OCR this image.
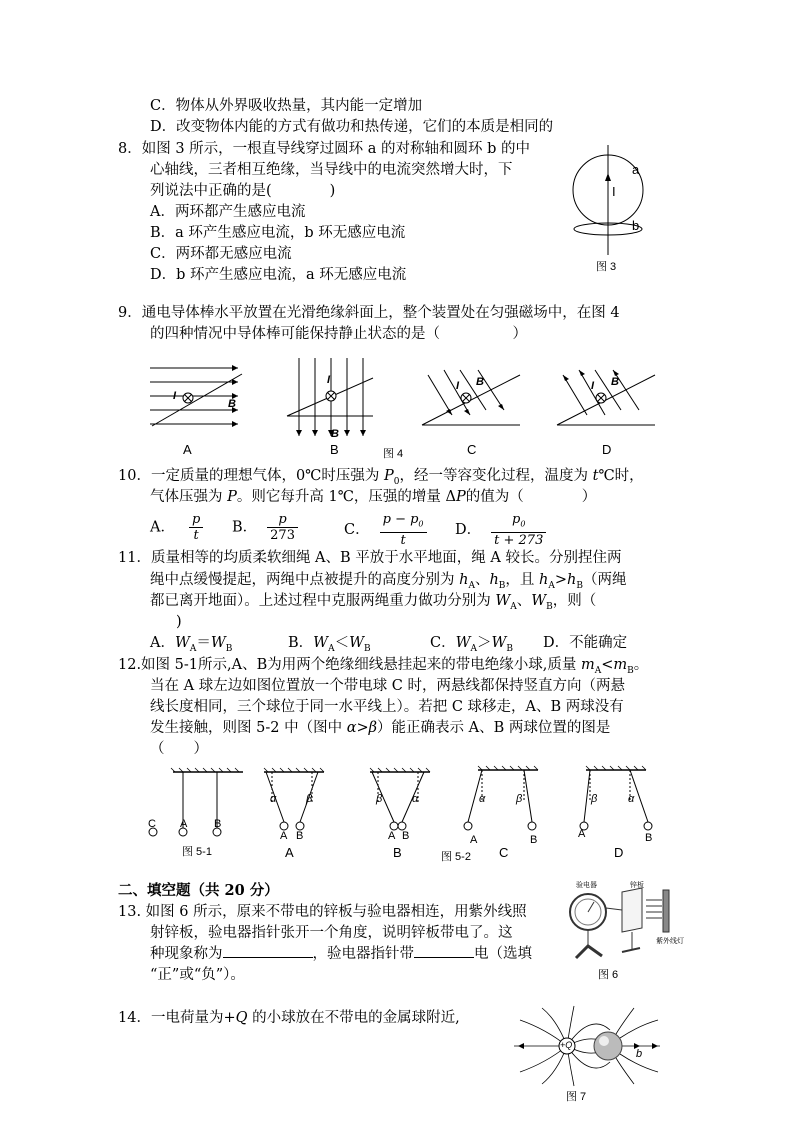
C．物体从外界吸收热量，其内能一定增加
D．改变物体内能的方式有做功和热传递，它们的本质是相同的
8．如图 3 所示，一根直导线穿过圆环 a 的对称轴和圆环 b 的中
心轴线，三者相互绝缘，当导线中的电流突然增大时，下
列说法中正确的是(　　　　)
A．两环都产生感应电流
B．a 环产生感应电流，b 环无感应电流
C．两环都无感应电流
D．b 环产生感应电流，a 环无感应电流
a
I
b
图 3
9．通电导体棒水平放置在光滑绝缘斜面上，整个装置处在匀强磁场中，在图 4
的四种情况中导体棒可能保持静止状态的是（　　　　　）
I
B
A
I
B
B	图 4
I B
C
I B
D
10．一定质量的理想气体，0℃时压强为 $P_0$，经一等容变化过程，温度为 t℃时，
气体压强为 P。则它每升高 1℃，压强的增量 ΔP的值为（　　　　）
A． $\frac{p}{t}$ B． $\frac{p}{273}$	C． $\frac{p - p_0}{t}$ D． $\frac{p_0}{t + 273}$
11．质量相等的均质柔软细绳 A、B 平放于水平地面，绳 A 较长。分别捏住两
绳中点缓慢提起，两绳中点被提升的高度分别为 $h_A$、$h_B$，且 $h_A>h_B$（两绳
都已离开地面）。上述过程中克服两绳重力做功分别为 $W_A$、$W_B$，则（
)
A．$W_A=W_B$	B．$W_A<W_B$	C．$W_A>W_B$ D．不能确定
12.如图 5-1所示,A、B为用两个绝缘细线悬挂起来的带电绝缘小球,质量 $m_A<m_B$。
当在 A 球左边如图位置放一个带电球 C 时，两悬线都保持竖直方向（两悬
线长度相同，三个球位于同一水平线上）。若把 C 球移走，A、B 两球没有
发生接触，则图 5-2 中（图中 α>β）能正确表示 A、B 两球位置的图是
（　　）
C A B
图 5-1
α	β
A B
A
β	α
A B
B
α	β
A	B
图 5-2 C
β	α
A	B
D
二、填空题（共 20 分）
13. 如图 6 所示，原来不带电的锌板与验电器相连，用紫外线照
射锌板，验电器指针张开一个角度，说明锌板带电了。这
种现象称为	，验电器指针带	电（选填
“正”或“负”）。
验电器	锌板
紫外线灯
图 6
14．一电荷量为+Q 的小球放在不带电的金属球附近,
+Q
b
图 7
